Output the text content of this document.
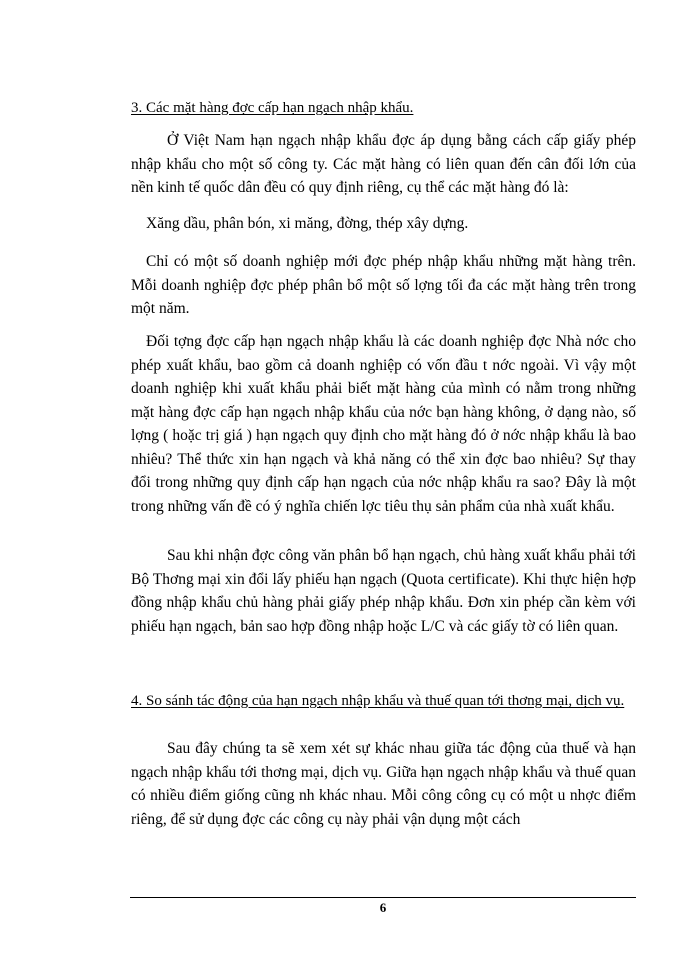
3. Các mặt hàng đợc cấp hạn ngạch nhập khẩu.

Ở Việt Nam hạn ngạch nhập khẩu đợc áp dụng bằng cách cấp giấy phép nhập khẩu cho một số công ty. Các mặt hàng có liên quan đến cân đối lớn của nền kinh tế quốc dân đều có quy định riêng, cụ thể các mặt hàng đó là:

Xăng dầu, phân bón, xi măng, đờng, thép xây dựng.

Chỉ có một số doanh nghiệp mới đợc phép nhập khẩu những mặt hàng trên. Mỗi doanh nghiệp đợc phép phân bổ một số lợng tối đa các mặt hàng trên trong một năm.

Đối tợng đợc cấp hạn ngạch nhập khẩu là các doanh nghiệp đợc Nhà nớc cho phép xuất khẩu, bao gồm cả doanh nghiệp có vốn đầu t nớc ngoài. Vì vậy một doanh nghiệp khi xuất khẩu phải biết mặt hàng của mình có nằm trong những mặt hàng đợc cấp hạn ngạch nhập khẩu của nớc bạn hàng không, ở dạng nào, số lợng ( hoặc trị giá ) hạn ngạch quy định cho mặt hàng đó ở nớc nhập khẩu là bao nhiêu? Thể thức xin hạn ngạch và khả năng có thể xin đợc bao nhiêu? Sự thay đổi trong những quy định cấp hạn ngạch của nớc nhập khẩu ra sao? Đây là một trong những vấn đề có ý nghĩa chiến lợc tiêu thụ sản phẩm của nhà xuất khẩu.

Sau khi nhận đợc công văn phân bổ hạn ngạch, chủ hàng xuất khẩu phải tới Bộ Thơng mại xin đổi lấy phiếu hạn ngạch (Quota certificate). Khi thực hiện hợp đồng nhập khẩu chủ hàng phải giấy phép nhập khẩu. Đơn xin phép cần kèm với phiếu hạn ngạch, bản sao hợp đồng nhập hoặc L/C và các giấy tờ có liên quan.

4. So sánh tác động của hạn ngạch nhập khẩu và thuế quan tới thơng mại, dịch vụ.

Sau đây chúng ta sẽ xem xét sự khác nhau giữa tác động của thuế và hạn ngạch nhập khẩu tới thơng mại, dịch vụ. Giữa hạn ngạch nhập khẩu và thuế quan có nhiều điểm giống cũng nh khác nhau. Mỗi công công cụ có một u nhợc điểm riêng, để sử dụng đợc các công cụ này phải vận dụng một cách

6
